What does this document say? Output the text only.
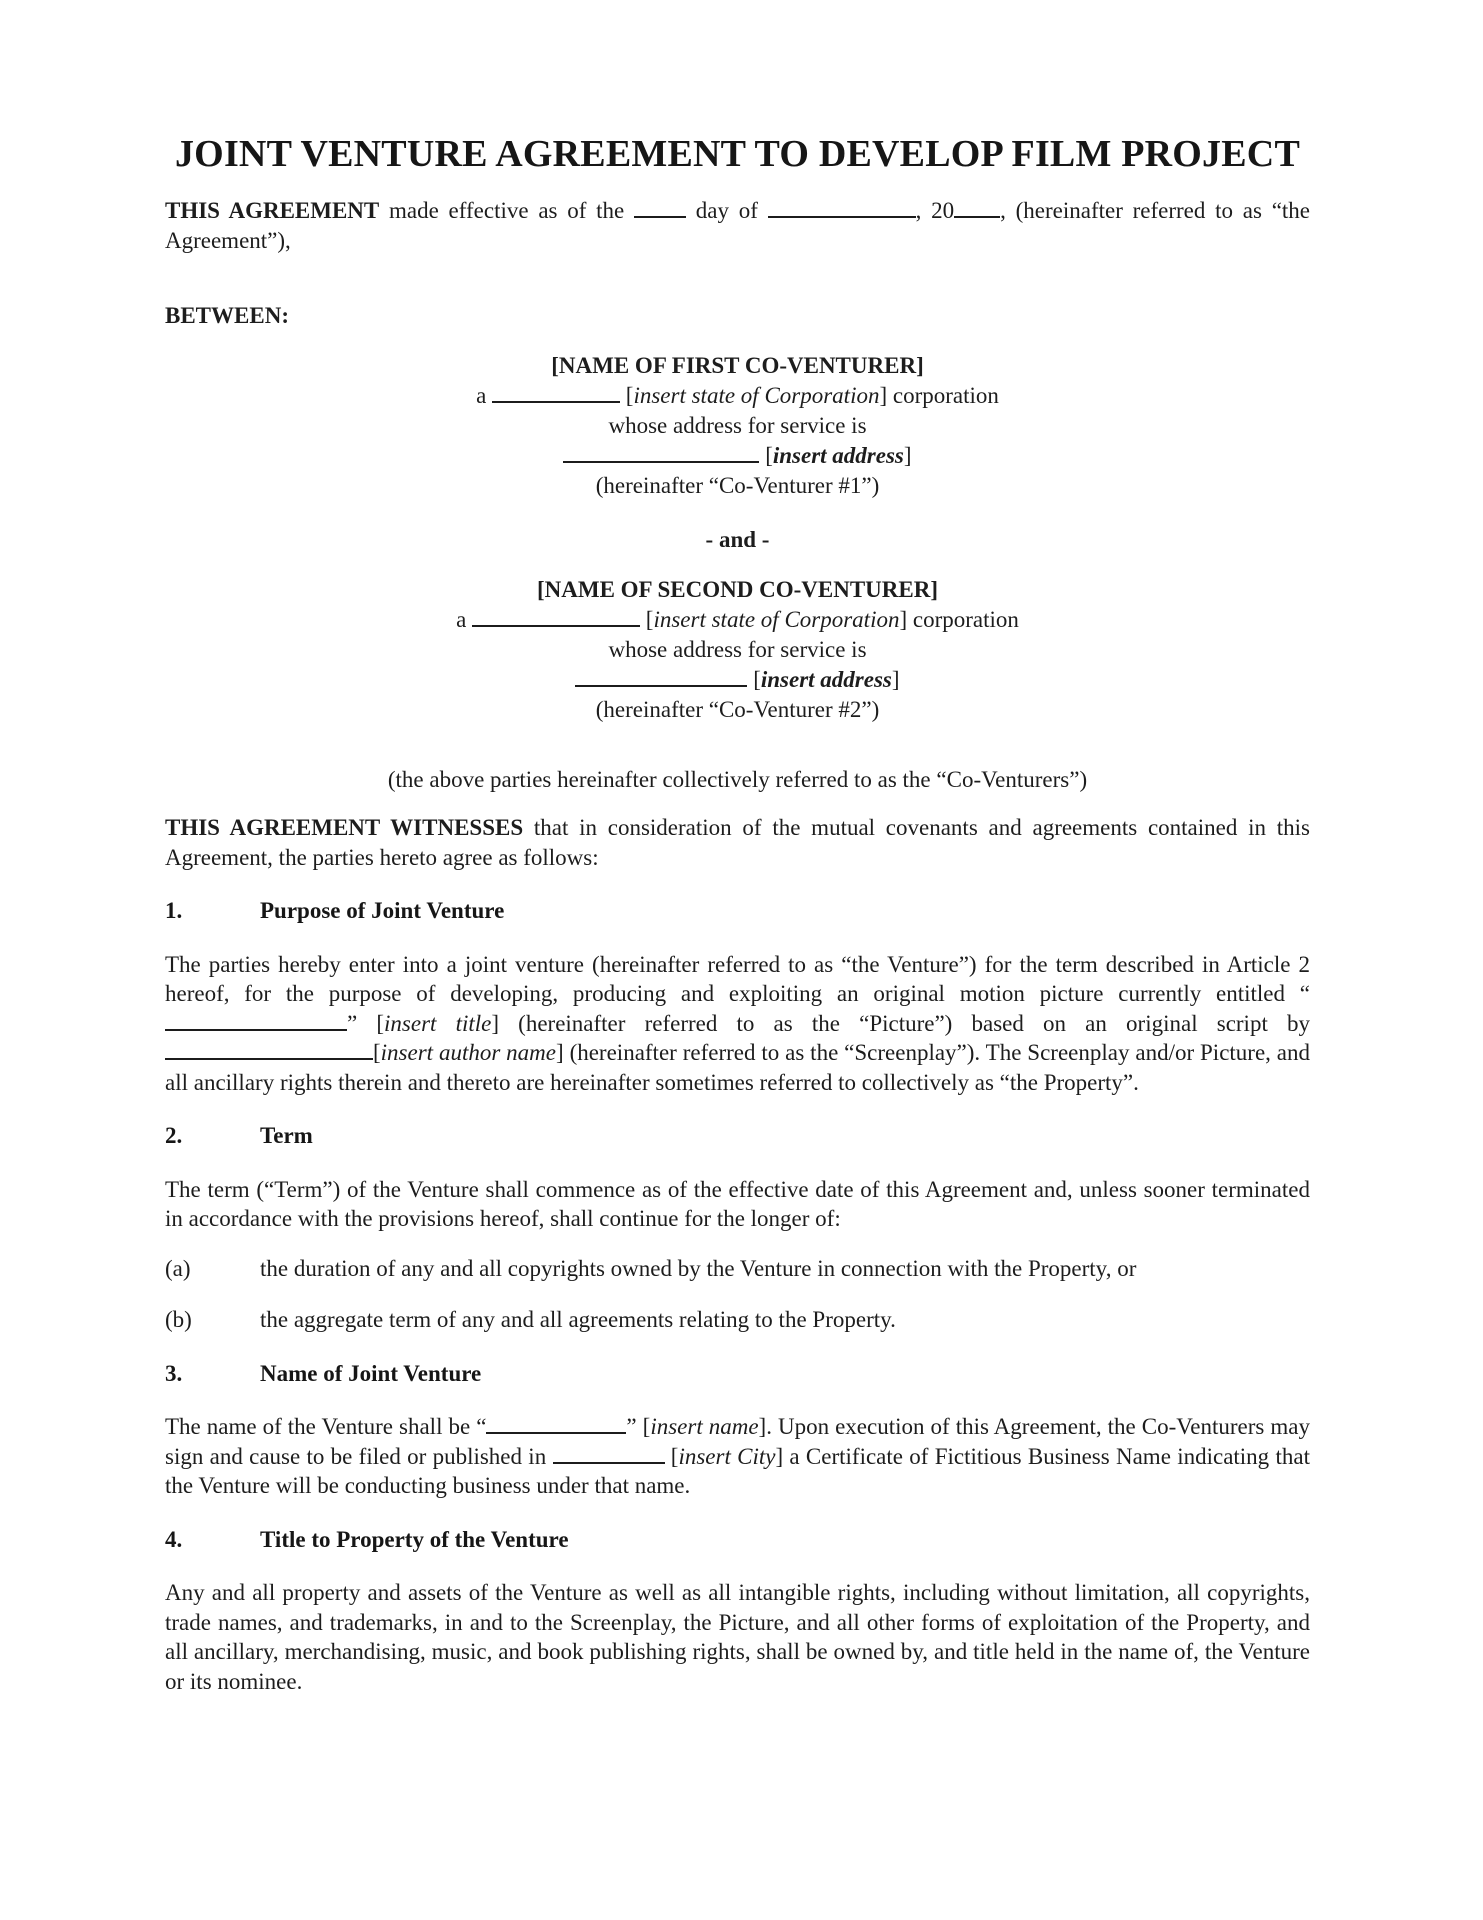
JOINT VENTURE AGREEMENT TO DEVELOP FILM PROJECT

THIS AGREEMENT made effective as of the  day of	, 20 , (hereinafter referred to as “the Agreement”),

BETWEEN:

[NAME OF FIRST CO-VENTURER]
a	[insert state of Corporation] corporation
whose address for service is
[insert address]
(hereinafter “Co-Venturer #1”)
- and -
[NAME OF SECOND CO-VENTURER]
a	[insert state of Corporation] corporation
whose address for service is
[insert address]
(hereinafter “Co-Venturer #2”)
(the above parties hereinafter collectively referred to as the “Co-Venturers”)

THIS AGREEMENT WITNESSES that in consideration of the mutual covenants and agreements contained in this Agreement, the parties hereto agree as follows:

1.	Purpose of Joint Venture

The parties hereby enter into a joint venture (hereinafter referred to as “the Venture”) for the term described in Article 2 hereof, for the purpose of developing, producing and exploiting an original motion picture currently entitled “” [insert title] (hereinafter referred to as the “Picture”) based on an original script by [insert author name] (hereinafter referred to as the “Screenplay”). The Screenplay and/or Picture, and all ancillary rights therein and thereto are hereinafter sometimes referred to collectively as “the Property”.

2.	Term

The term (“Term”) of the Venture shall commence as of the effective date of this Agreement and, unless sooner terminated in accordance with the provisions hereof, shall continue for the longer of:

(a)	the duration of any and all copyrights owned by the Venture in connection with the Property, or
(b)	the aggregate term of any and all agreements relating to the Property.
3.	Name of Joint Venture

The name of the Venture shall be “	” [insert name]. Upon execution of this Agreement, the Co-Venturers may sign and cause to be filed or published in	[insert City] a Certificate of Fictitious Business Name indicating that the Venture will be conducting business under that name.

4.	Title to Property of the Venture

Any and all property and assets of the Venture as well as all intangible rights, including without limitation, all copyrights, trade names, and trademarks, in and to the Screenplay, the Picture, and all other forms of exploitation of the Property, and all ancillary, merchandising, music, and book publishing rights, shall be owned by, and title held in the name of, the Venture or its nominee.
